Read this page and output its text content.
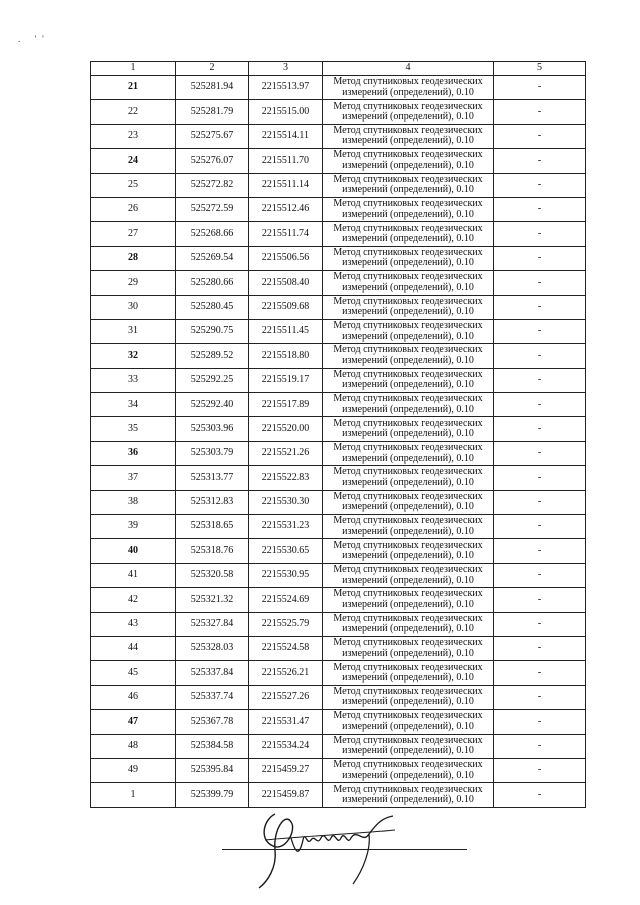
. ''
1	2	3	4	5
21	525281.94	2215513.97	Метод спутниковых геодезических
измерений (определений), 0.10	-
22	525281.79	2215515.00	Метод спутниковых геодезических
измерений (определений), 0.10	-
23	525275.67	2215514.11	Метод спутниковых геодезических
измерений (определений), 0.10	-
24	525276.07	2215511.70	Метод спутниковых геодезических
измерений (определений), 0.10	-
25	525272.82	2215511.14	Метод спутниковых геодезических
измерений (определений), 0.10	-
26	525272.59	2215512.46	Метод спутниковых геодезических
измерений (определений), 0.10	-
27	525268.66	2215511.74	Метод спутниковых геодезических
измерений (определений), 0.10	-
28	525269.54	2215506.56	Метод спутниковых геодезических
измерений (определений), 0.10	-
29	525280.66	2215508.40	Метод спутниковых геодезических
измерений (определений), 0.10	-
30	525280.45	2215509.68	Метод спутниковых геодезических
измерений (определений), 0.10	-
31	525290.75	2215511.45	Метод спутниковых геодезических
измерений (определений), 0.10	-
32	525289.52	2215518.80	Метод спутниковых геодезических
измерений (определений), 0.10	-
33	525292.25	2215519.17	Метод спутниковых геодезических
измерений (определений), 0.10	-
34	525292.40	2215517.89	Метод спутниковых геодезических
измерений (определений), 0.10	-
35	525303.96	2215520.00	Метод спутниковых геодезических
измерений (определений), 0.10	-
36	525303.79	2215521.26	Метод спутниковых геодезических
измерений (определений), 0.10	-
37	525313.77	2215522.83	Метод спутниковых геодезических
измерений (определений), 0.10	-
38	525312.83	2215530.30	Метод спутниковых геодезических
измерений (определений), 0.10	-
39	525318.65	2215531.23	Метод спутниковых геодезических
измерений (определений), 0.10	-
40	525318.76	2215530.65	Метод спутниковых геодезических
измерений (определений), 0.10	-
41	525320.58	2215530.95	Метод спутниковых геодезических
измерений (определений), 0.10	-
42	525321.32	2215524.69	Метод спутниковых геодезических
измерений (определений), 0.10	-
43	525327.84	2215525.79	Метод спутниковых геодезических
измерений (определений), 0.10	-
44	525328.03	2215524.58	Метод спутниковых геодезических
измерений (определений), 0.10	-
45	525337.84	2215526.21	Метод спутниковых геодезических
измерений (определений), 0.10	-
46	525337.74	2215527.26	Метод спутниковых геодезических
измерений (определений), 0.10	-
47	525367.78	2215531.47	Метод спутниковых геодезических
измерений (определений), 0.10	-
48	525384.58	2215534.24	Метод спутниковых геодезических
измерений (определений), 0.10	-
49	525395.84	2215459.27	Метод спутниковых геодезических
измерений (определений), 0.10	-
1	525399.79	2215459.87	Метод спутниковых геодезических
измерений (определений), 0.10	-
